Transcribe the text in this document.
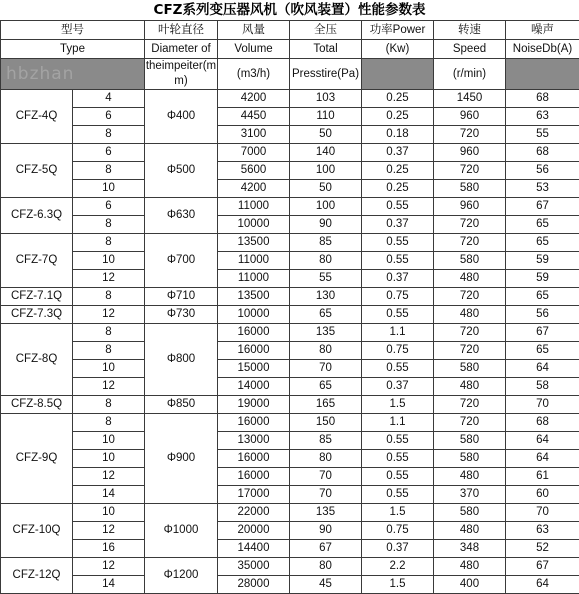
CFZ系列变压器风机（吹风装置）性能参数表
型号		叶轮直径	风量	全压	功率Power	转速	噪声
Type		Diameter of	Volume	Total	(Kw)	Speed	NoiseDb(A)
		theimpeiter(mm)	(m3/h)	Presstire(Pa)		(r/min)	
CFZ-4Q	4	Φ400	4200	103	0.25	1450	68
	6		4450	110	0.25	960	63
	8		3100	50	0.18	720	55
CFZ-5Q	6	Φ500	7000	140	0.37	960	68
	8		5600	100	0.25	720	56
	10		4200	50	0.25	580	53
CFZ-6.3Q	6	Φ630	11000	100	0.55	960	67
	8		10000	90	0.37	720	65
CFZ-7Q	8	Φ700	13500	85	0.55	720	65
	10		11000	80	0.55	580	59
	12		11000	55	0.37	480	59
CFZ-7.1Q	8	Φ710	13500	130	0.75	720	65
CFZ-7.3Q	12	Φ730	10000	65	0.55	480	56
CFZ-8Q	8	Φ800	16000	135	1.1	720	67
	8		16000	80	0.75	720	65
	10		15000	70	0.55	580	64
	12		14000	65	0.37	480	58
CFZ-8.5Q	8	Φ850	19000	165	1.5	720	70
CFZ-9Q	8	Φ900	16000	150	1.1	720	68
	10		13000	85	0.55	580	64
	10		16000	80	0.55	580	64
	12		16000	70	0.55	480	61
	14		17000	70	0.55	370	60
CFZ-10Q	10	Φ1000	22000	135	1.5	580	70
	12		20000	90	0.75	480	63
	16		14400	67	0.37	348	52
CFZ-12Q	12	Φ1200	35000	80	2.2	480	67
	14		28000	45	1.5	400	64
hbzhan
